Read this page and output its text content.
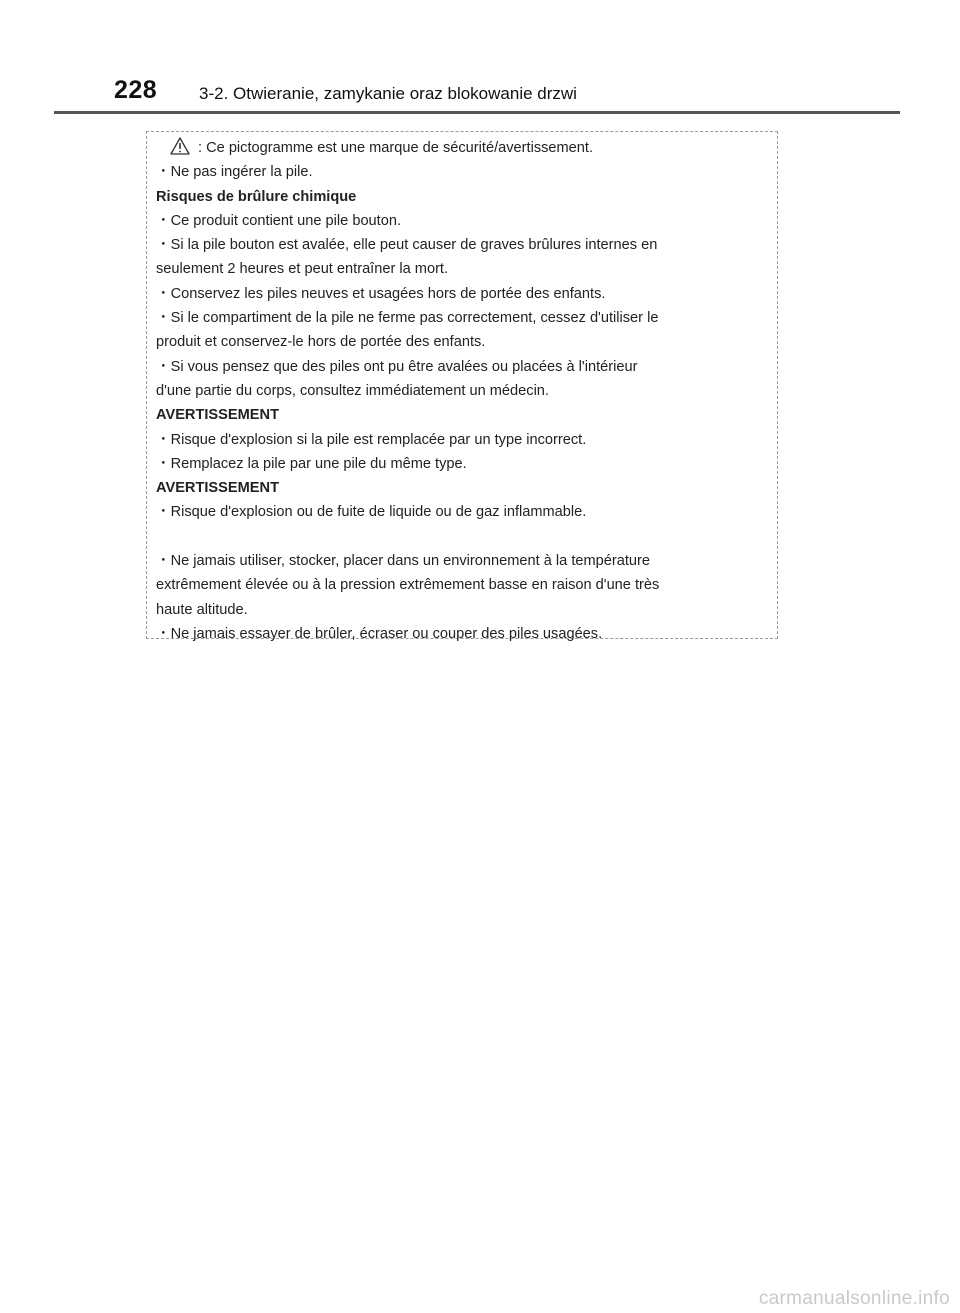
228 3-2. Otwieranie, zamykanie oraz blokowanie drzwi
: Ce pictogramme est une marque de sécurité/avertissement.
・Ne pas ingérer la pile.
Risques de brûlure chimique
・Ce produit contient une pile bouton.
・Si la pile bouton est avalée, elle peut causer de graves brûlures internes en
seulement 2 heures et peut entraîner la mort.
・Conservez les piles neuves et usagées hors de portée des enfants.
・Si le compartiment de la pile ne ferme pas correctement, cessez d'utiliser le
produit et conservez-le hors de portée des enfants.
・Si vous pensez que des piles ont pu être avalées ou placées à l'intérieur
d'une partie du corps, consultez immédiatement un médecin.
AVERTISSEMENT
・Risque d'explosion si la pile est remplacée par un type incorrect.
・Remplacez la pile par une pile du même type.
AVERTISSEMENT
・Risque d'explosion ou de fuite de liquide ou de gaz inflammable.
・Ne jamais utiliser, stocker, placer dans un environnement à la température
extrêmement élevée ou à la pression extrêmement basse en raison d'une très
haute altitude.
・Ne jamais essayer de brûler, écraser ou couper des piles usagées.
carmanualsonline.info
